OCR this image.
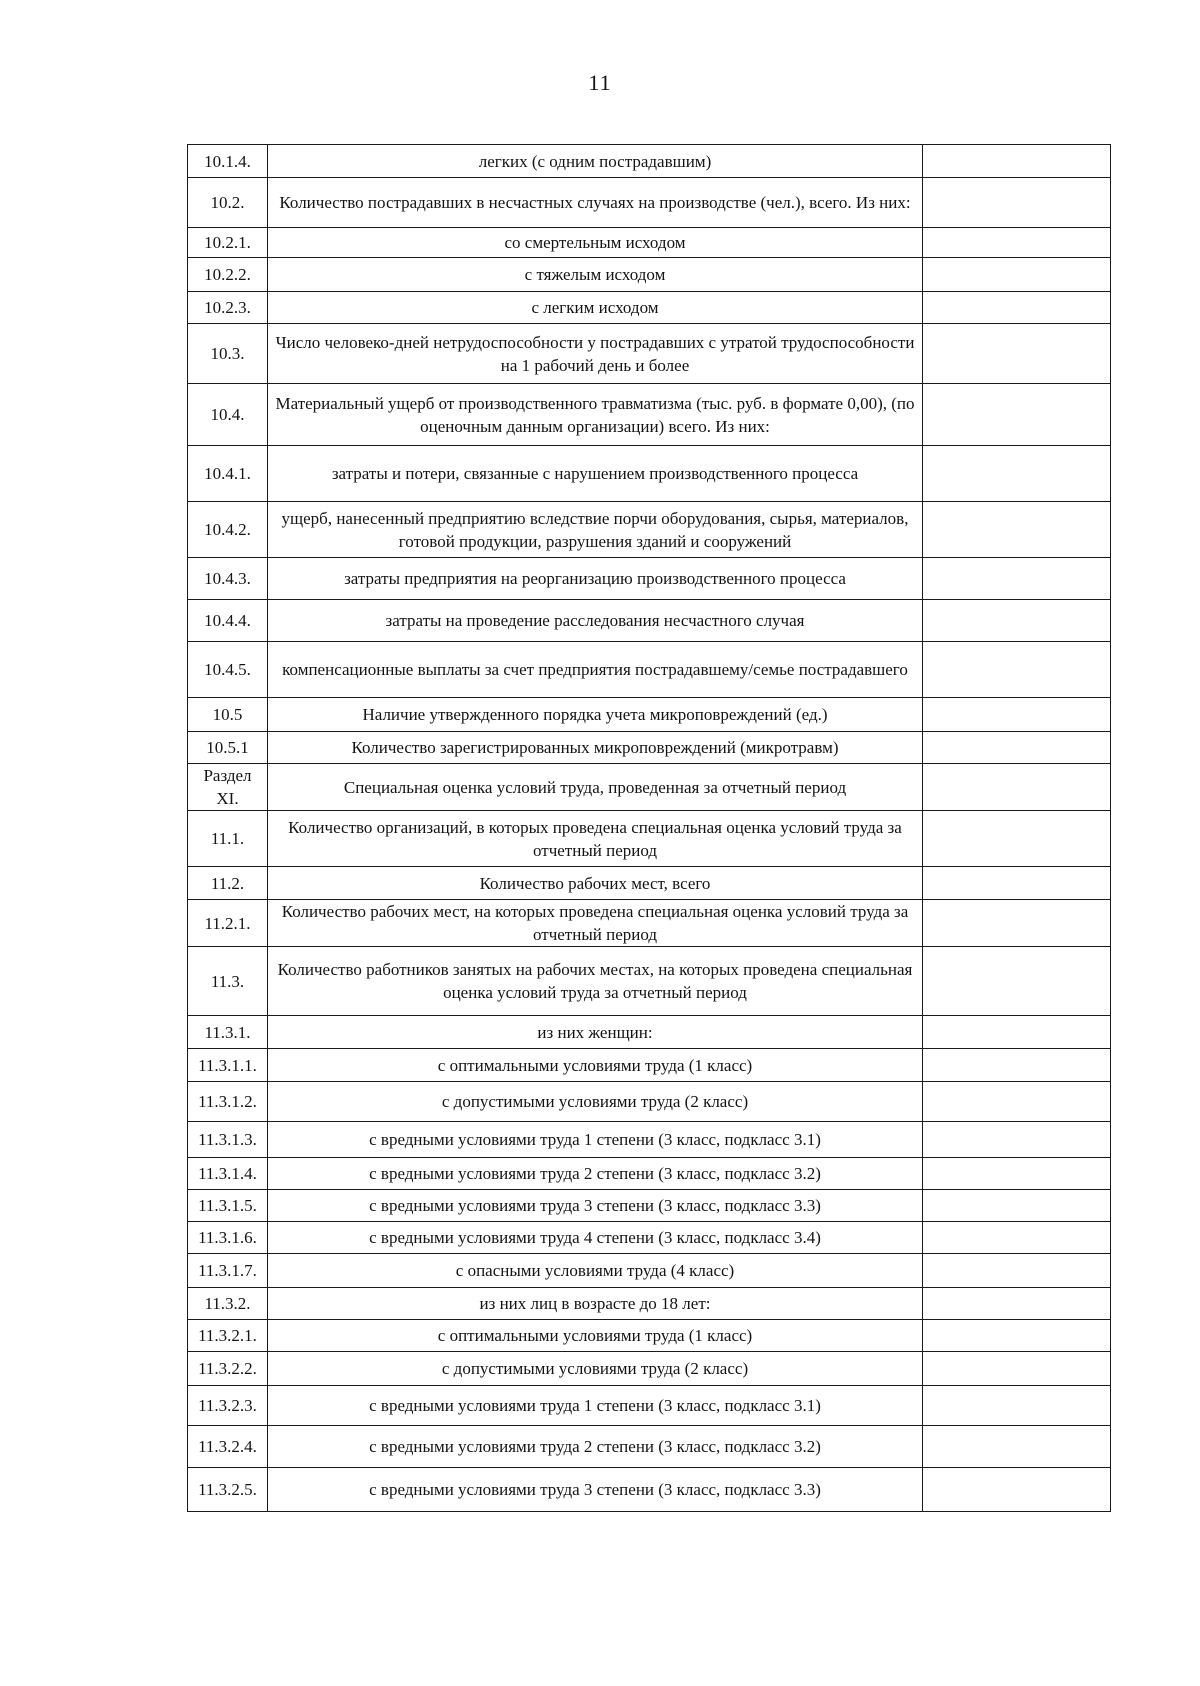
11
10.1.4.	легких (с одним пострадавшим)	
10.2.	Количество пострадавших в несчастных случаях на производстве (чел.), всего. Из них:	
10.2.1.	со смертельным исходом	
10.2.2.	с тяжелым исходом	
10.2.3.	с легким исходом	
10.3.	Число человеко-дней нетрудоспособности у пострадавших с утратой трудоспособности на 1 рабочий день и более	
10.4.	Материальный ущерб от производственного травматизма (тыс. руб. в формате 0,00), (по оценочным данным организации) всего. Из них:	
10.4.1.	затраты и потери, связанные с нарушением производственного процесса	
10.4.2.	ущерб, нанесенный предприятию вследствие порчи оборудования, сырья, материалов, готовой продукции, разрушения зданий и сооружений	
10.4.3.	затраты предприятия на реорганизацию производственного процесса	
10.4.4.	затраты на проведение расследования несчастного случая	
10.4.5.	компенсационные выплаты за счет предприятия пострадавшему/семье пострадавшего	
10.5	Наличие утвержденного порядка учета микроповреждений (ед.)	
10.5.1	Количество зарегистрированных микроповреждений (микротравм)	
Раздел XI.	Специальная оценка условий труда, проведенная за отчетный период	
11.1.	Количество организаций, в которых проведена специальная оценка условий труда за отчетный период	
11.2.	Количество рабочих мест, всего	
11.2.1.	Количество рабочих мест, на которых проведена специальная оценка условий труда за отчетный период	
11.3.	Количество работников занятых на рабочих местах, на которых проведена специальная оценка условий труда за отчетный период	
11.3.1.	из них женщин:	
11.3.1.1.	с оптимальными условиями труда (1 класс)	
11.3.1.2.	с допустимыми условиями труда (2 класс)	
11.3.1.3.	с вредными условиями труда 1 степени (3 класс, подкласс 3.1)	
11.3.1.4.	с вредными условиями труда 2 степени (3 класс, подкласс 3.2)	
11.3.1.5.	с вредными условиями труда 3 степени (3 класс, подкласс 3.3)	
11.3.1.6.	с вредными условиями труда 4 степени (3 класс, подкласс 3.4)	
11.3.1.7.	с опасными условиями труда (4 класс)	
11.3.2.	из них лиц в возрасте до 18 лет:	
11.3.2.1.	с оптимальными условиями труда (1 класс)	
11.3.2.2.	с допустимыми условиями труда (2 класс)	
11.3.2.3.	с вредными условиями труда 1 степени (3 класс, подкласс 3.1)	
11.3.2.4.	с вредными условиями труда 2 степени (3 класс, подкласс 3.2)	
11.3.2.5.	с вредными условиями труда 3 степени (3 класс, подкласс 3.3)	
